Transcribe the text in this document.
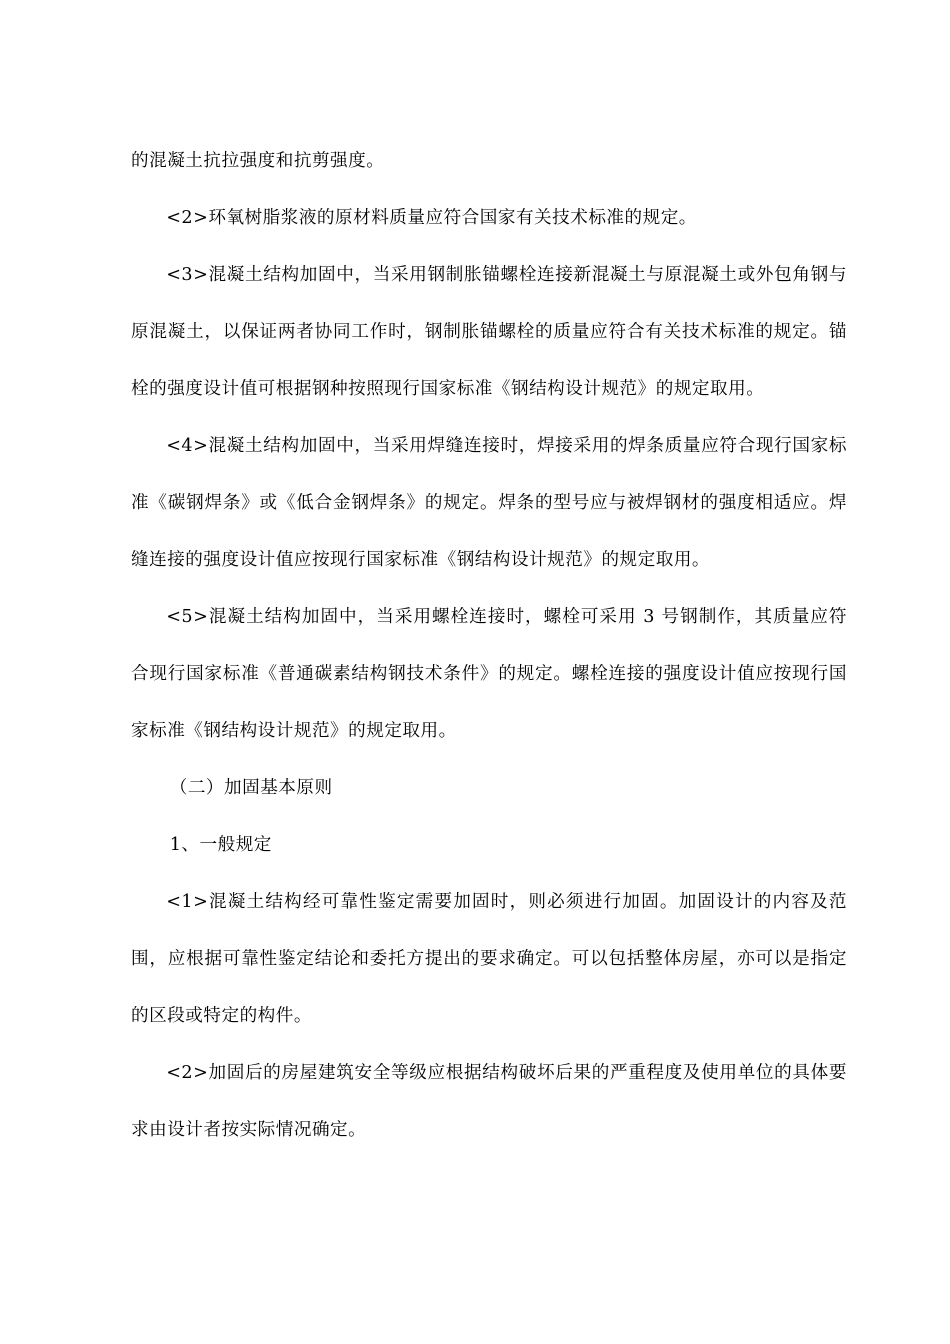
的混凝土抗拉强度和抗剪强度。

<2>环氧树脂浆液的原材料质量应符合国家有关技术标准的规定。

<3>混凝土结构加固中，当采用钢制胀锚螺栓连接新混凝土与原混凝土或外包角钢与原混凝土，以保证两者协同工作时，钢制胀锚螺栓的质量应符合有关技术标准的规定。锚栓的强度设计值可根据钢种按照现行国家标准《钢结构设计规范》的规定取用。

<4>混凝土结构加固中，当采用焊缝连接时，焊接采用的焊条质量应符合现行国家标准《碳钢焊条》或《低合金钢焊条》的规定。焊条的型号应与被焊钢材的强度相适应。焊缝连接的强度设计值应按现行国家标准《钢结构设计规范》的规定取用。

<5>混凝土结构加固中，当采用螺栓连接时，螺栓可采用 3 号钢制作，其质量应符合现行国家标准《普通碳素结构钢技术条件》的规定。螺栓连接的强度设计值应按现行国家标准《钢结构设计规范》的规定取用。

（二）加固基本原则

1、一般规定

<1>混凝土结构经可靠性鉴定需要加固时，则必须进行加固。加固设计的内容及范围，应根据可靠性鉴定结论和委托方提出的要求确定。可以包括整体房屋，亦可以是指定的区段或特定的构件。

<2>加固后的房屋建筑安全等级应根据结构破坏后果的严重程度及使用单位的具体要求由设计者按实际情况确定。
